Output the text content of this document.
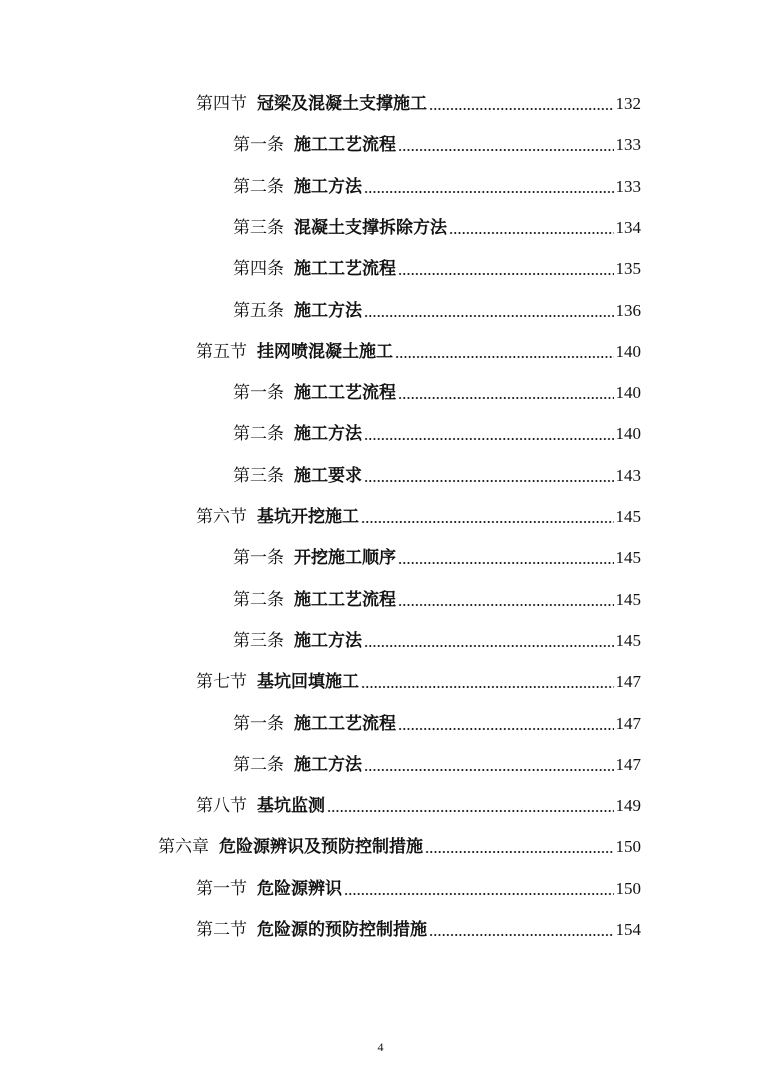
第四节 冠梁及混凝土支撑施工	132
第一条 施工工艺流程	133
第二条 施工方法	133
第三条 混凝土支撑拆除方法	134
第四条 施工工艺流程	135
第五条 施工方法	136
第五节 挂网喷混凝土施工	140
第一条 施工工艺流程	140
第二条 施工方法	140
第三条 施工要求	143
第六节 基坑开挖施工	145
第一条 开挖施工顺序	145
第二条 施工工艺流程	145
第三条 施工方法	145
第七节 基坑回填施工	147
第一条 施工工艺流程	147
第二条 施工方法	147
第八节 基坑监测	149
第六章 危险源辨识及预防控制措施	150
第一节 危险源辨识	150
第二节 危险源的预防控制措施	154
4
